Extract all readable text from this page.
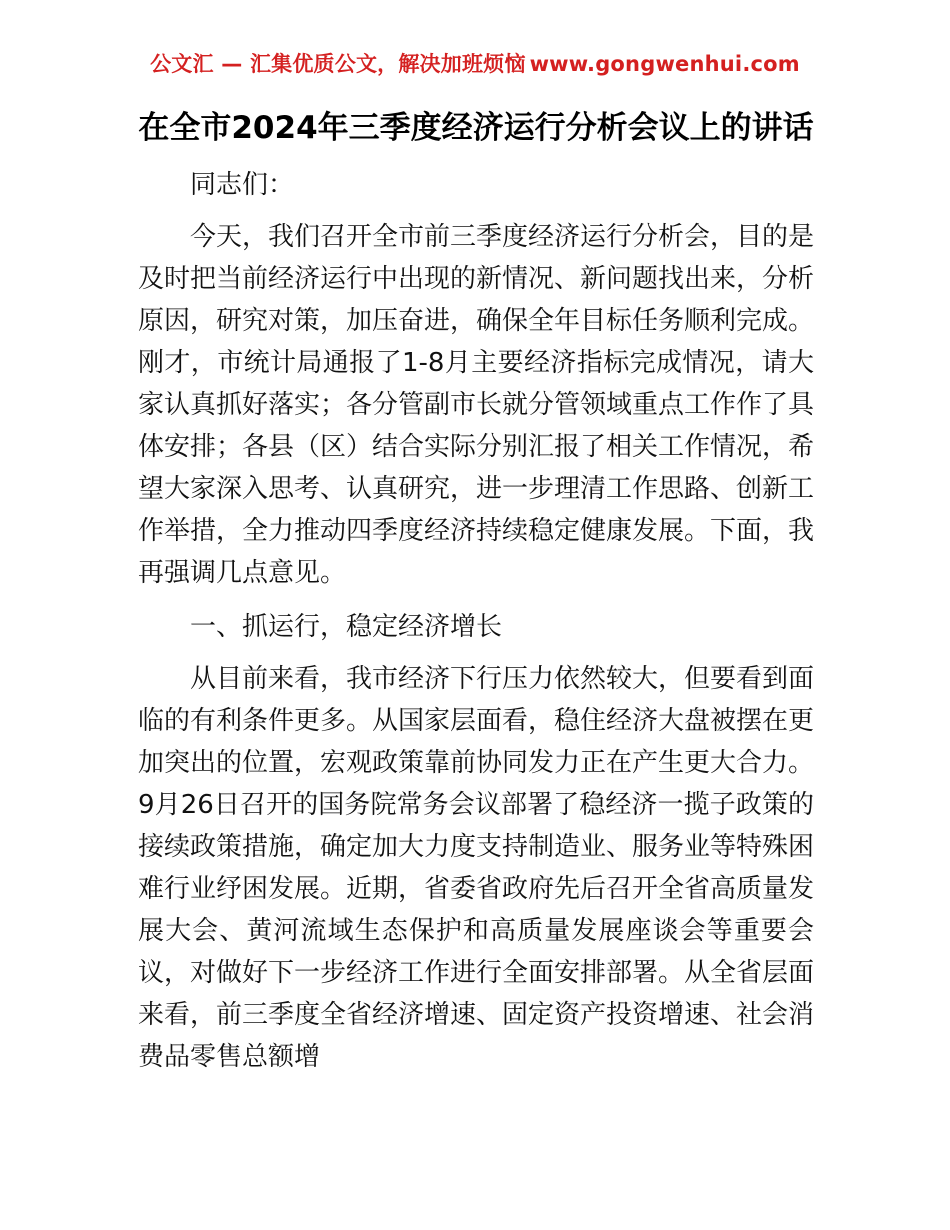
公文汇 — 汇集优质公文，解决加班烦恼 www.gongwenhui.com
在全市2024年三季度经济运行分析会议上的讲话

同志们：

今天，我们召开全市前三季度经济运行分析会，目的是及时把当前经济运行中出现的新情况、新问题找出来，分析原因，研究对策，加压奋进，确保全年目标任务顺利完成。刚才，市统计局通报了1-8月主要经济指标完成情况，请大家认真抓好落实；各分管副市长就分管领域重点工作作了具体安排；各县（区）结合实际分别汇报了相关工作情况，希望大家深入思考、认真研究，进一步理清工作思路、创新工作举措，全力推动四季度经济持续稳定健康发展。下面，我再强调几点意见。

一、抓运行，稳定经济增长

从目前来看，我市经济下行压力依然较大，但要看到面临的有利条件更多。从国家层面看，稳住经济大盘被摆在更加突出的位置，宏观政策靠前协同发力正在产生更大合力。9月26日召开的国务院常务会议部署了稳经济一揽子政策的接续政策措施，确定加大力度支持制造业、服务业等特殊困难行业纾困发展。近期，省委省政府先后召开全省高质量发展大会、黄河流域生态保护和高质量发展座谈会等重要会议，对做好下一步经济工作进行全面安排部署。从全省层面来看，前三季度全省经济增速、固定资产投资增速、社会消费品零售总额增
